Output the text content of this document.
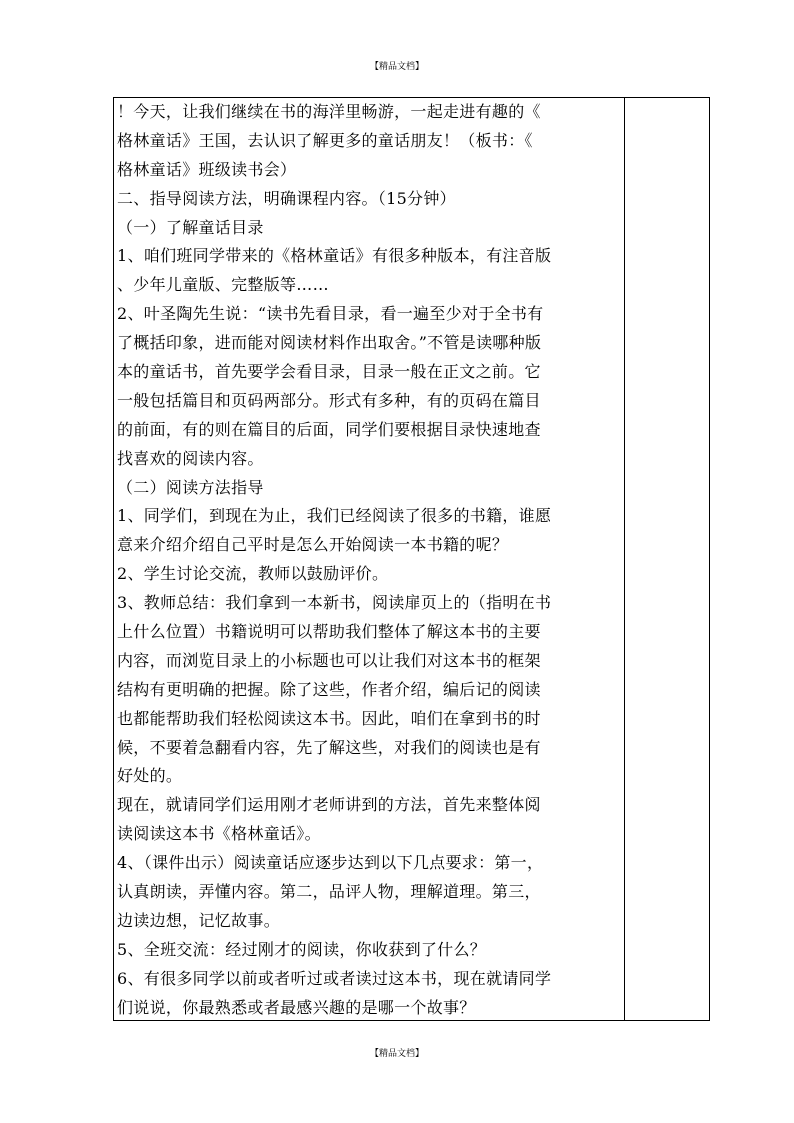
【精品文档】
！今天，让我们继续在书的海洋里畅游，一起走进有趣的《
格林童话》王国，去认识了解更多的童话朋友！（板书：《
格林童话》班级读书会）
二、指导阅读方法，明确课程内容。（15分钟）
（一）了解童话目录
1、咱们班同学带来的《格林童话》有很多种版本，有注音版
、少年儿童版、完整版等……
2、叶圣陶先生说：“读书先看目录，看一遍至少对于全书有
了概括印象，进而能对阅读材料作出取舍。”不管是读哪种版
本的童话书，首先要学会看目录，目录一般在正文之前。它
一般包括篇目和页码两部分。形式有多种，有的页码在篇目
的前面，有的则在篇目的后面，同学们要根据目录快速地查
找喜欢的阅读内容。
（二）阅读方法指导
1、同学们，到现在为止，我们已经阅读了很多的书籍，谁愿
意来介绍介绍自己平时是怎么开始阅读一本书籍的呢？
2、学生讨论交流，教师以鼓励评价。
3、教师总结：我们拿到一本新书，阅读扉页上的（指明在书
上什么位置）书籍说明可以帮助我们整体了解这本书的主要
内容，而浏览目录上的小标题也可以让我们对这本书的框架
结构有更明确的把握。除了这些，作者介绍，编后记的阅读
也都能帮助我们轻松阅读这本书。因此，咱们在拿到书的时
候，不要着急翻看内容，先了解这些，对我们的阅读也是有
好处的。
现在，就请同学们运用刚才老师讲到的方法，首先来整体阅
读阅读这本书《格林童话》。
4、（课件出示）阅读童话应逐步达到以下几点要求：第一，
认真朗读，弄懂内容。第二，品评人物，理解道理。第三，
边读边想，记忆故事。
5、全班交流：经过刚才的阅读，你收获到了什么？
6、有很多同学以前或者听过或者读过这本书，现在就请同学
们说说，你最熟悉或者最感兴趣的是哪一个故事？
【精品文档】
